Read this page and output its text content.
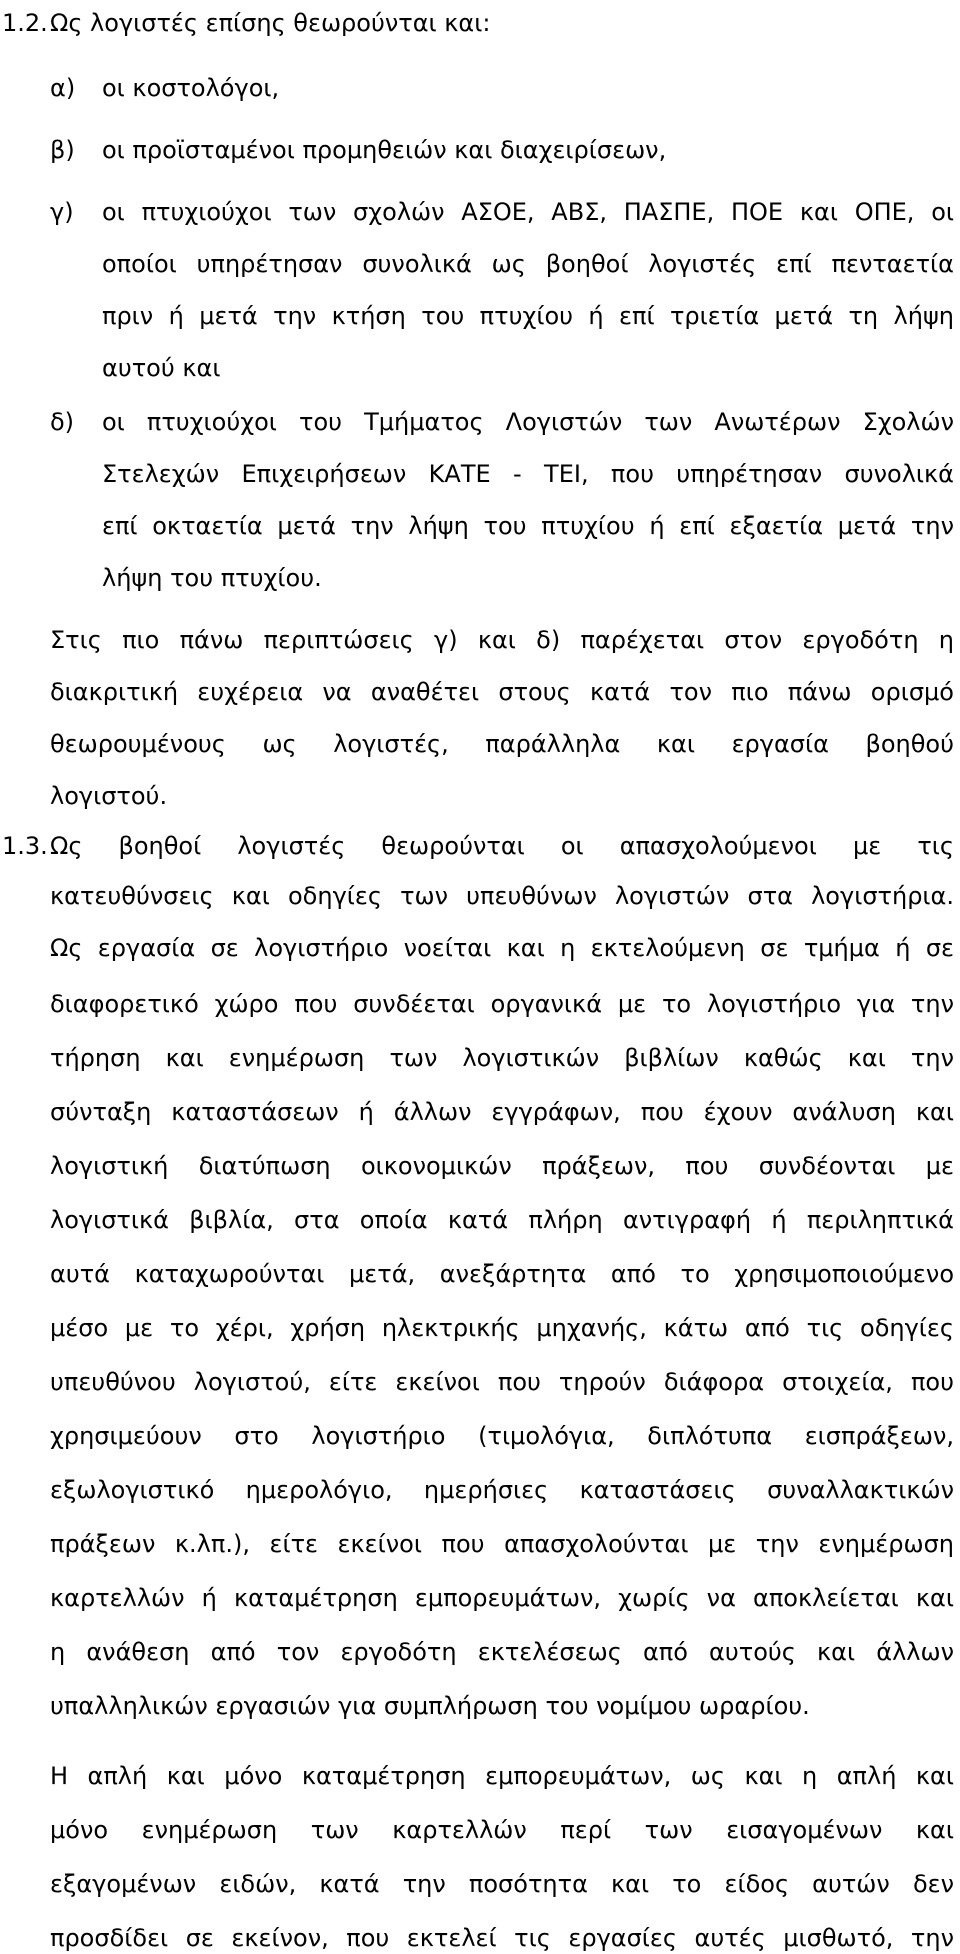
1.2. Ως λογιστές επίσης θεωρούνται και:
α) οι κοστολόγοι,
β) οι προϊσταμένοι προμηθειών και διαχειρίσεων,
γ) οι πτυχιούχοι των σχολών ΑΣΟΕ, ΑΒΣ, ΠΑΣΠΕ, ΠΟΕ και ΟΠΕ, οι
οποίοι υπηρέτησαν συνολικά ως βοηθοί λογιστές επί πενταετία
πριν ή μετά την κτήση του πτυχίου ή επί τριετία μετά τη λήψη
αυτού και
δ) οι πτυχιούχοι του Τμήματος Λογιστών των Ανωτέρων Σχολών
Στελεχών Επιχειρήσεων ΚΑΤΕ - ΤΕΙ, που υπηρέτησαν συνολικά
επί οκταετία μετά την λήψη του πτυχίου ή επί εξαετία μετά την
λήψη του πτυχίου.
Στις πιο πάνω περιπτώσεις γ) και δ) παρέχεται στον εργοδότη η
διακριτική ευχέρεια να αναθέτει στους κατά τον πιο πάνω ορισμό
θεωρουμένους ως λογιστές, παράλληλα και εργασία βοηθού
λογιστού.
1.3. Ως βοηθοί λογιστές θεωρούνται οι απασχολούμενοι με τις
κατευθύνσεις και οδηγίες των υπευθύνων λογιστών στα λογιστήρια.
Ως εργασία σε λογιστήριο νοείται και η εκτελούμενη σε τμήμα ή σε
διαφορετικό χώρο που συνδέεται οργανικά με το λογιστήριο για την
τήρηση και ενημέρωση των λογιστικών βιβλίων καθώς και την
σύνταξη καταστάσεων ή άλλων εγγράφων, που έχουν ανάλυση και
λογιστική διατύπωση οικονομικών πράξεων, που συνδέονται με
λογιστικά βιβλία, στα οποία κατά πλήρη αντιγραφή ή περιληπτικά
αυτά καταχωρούνται μετά, ανεξάρτητα από το χρησιμοποιούμενο
μέσο με το χέρι, χρήση ηλεκτρικής μηχανής, κάτω από τις οδηγίες
υπευθύνου λογιστού, είτε εκείνοι που τηρούν διάφορα στοιχεία, που
χρησιμεύουν στο λογιστήριο (τιμολόγια, διπλότυπα εισπράξεων,
εξωλογιστικό ημερολόγιο, ημερήσιες καταστάσεις συναλλακτικών
πράξεων κ.λπ.), είτε εκείνοι που απασχολούνται με την ενημέρωση
καρτελλών ή καταμέτρηση εμπορευμάτων, χωρίς να αποκλείεται και
η ανάθεση από τον εργοδότη εκτελέσεως από αυτούς και άλλων
υπαλληλικών εργασιών για συμπλήρωση του νομίμου ωραρίου.
Η απλή και μόνο καταμέτρηση εμπορευμάτων, ως και η απλή και
μόνο ενημέρωση των καρτελλών περί των εισαγομένων και
εξαγομένων ειδών, κατά την ποσότητα και το είδος αυτών δεν
προσδίδει σε εκείνον, που εκτελεί τις εργασίες αυτές μισθωτό, την
